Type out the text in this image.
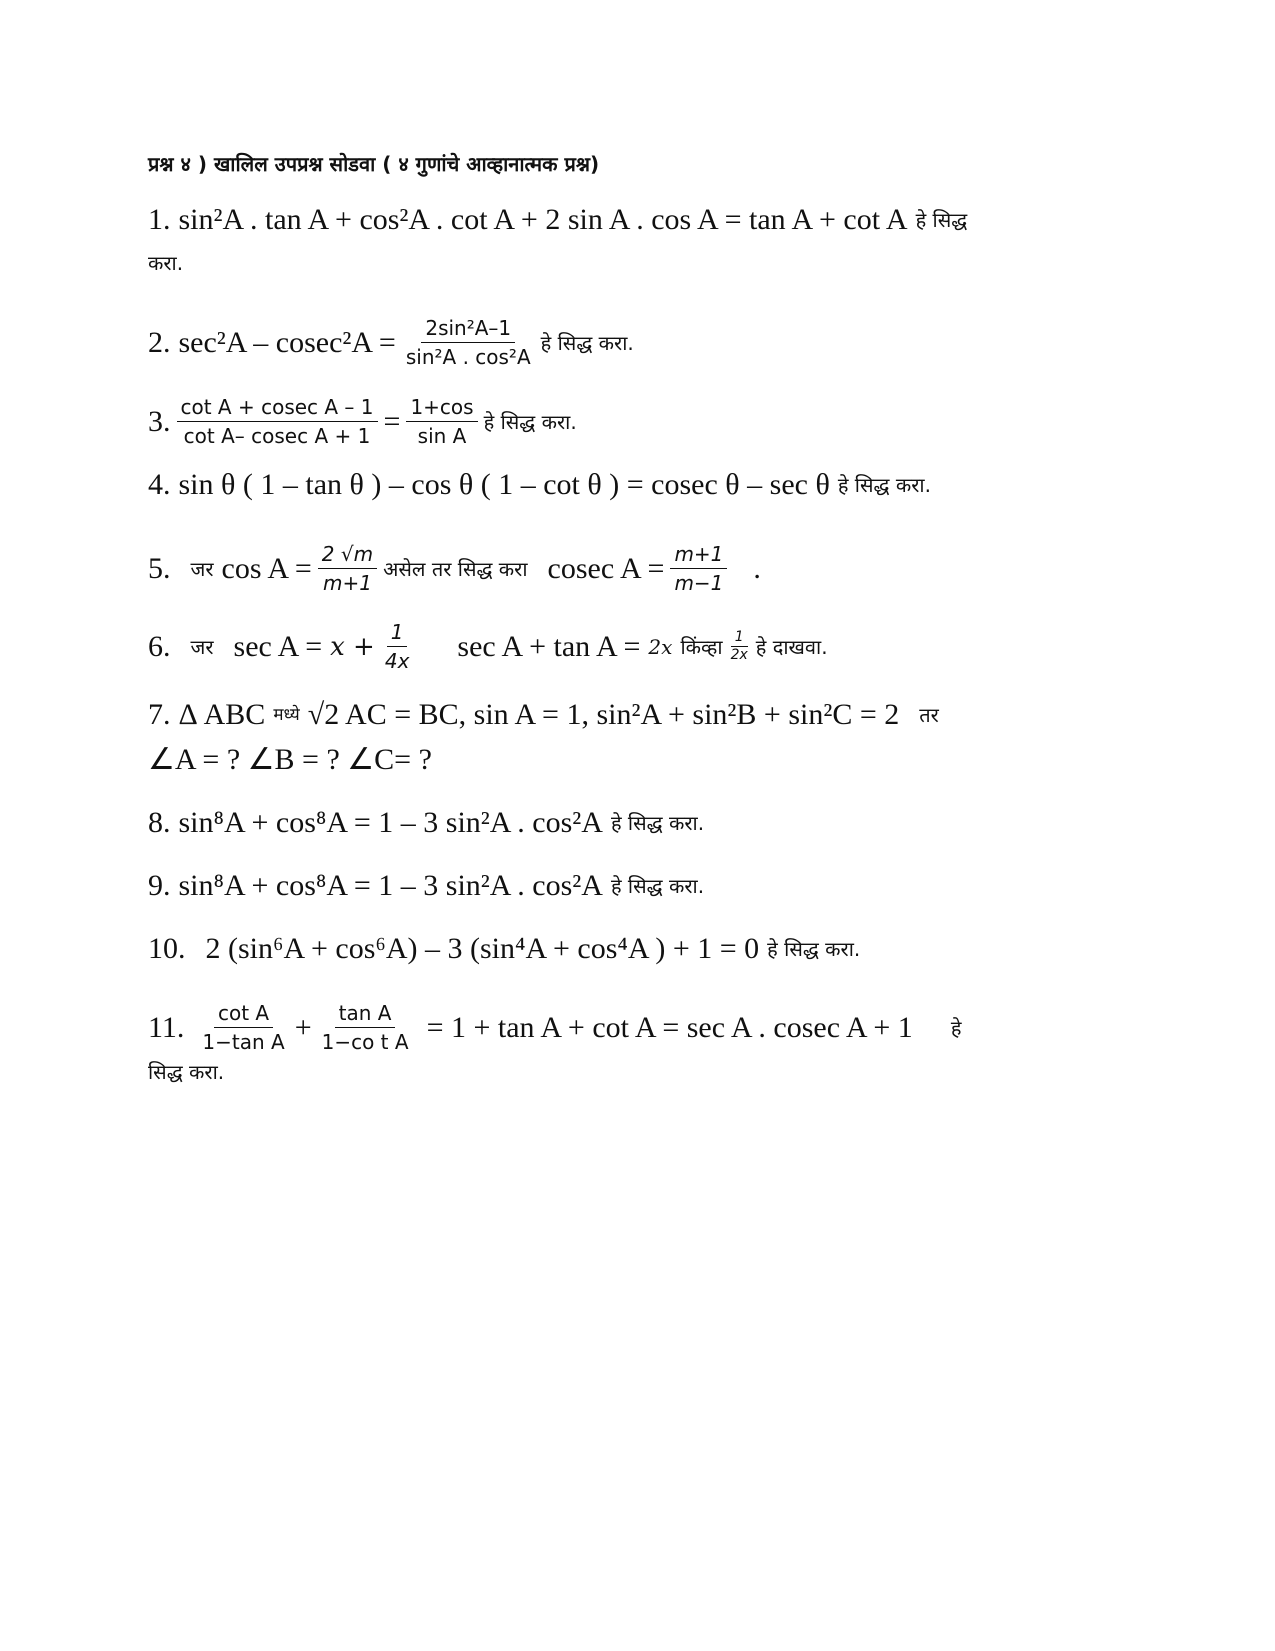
प्रश्न ४ ) खालिल उपप्रश्न सोडवा ( ४ गुणांचे आव्हानात्मक प्रश्न)
1. sin²A . tan A + cos²A . cot A + 2 sin A . cos A = tan A + cot A हे सिद्ध
करा.
2. $\sec^2A - cosec^2A = \frac{\text{2sin²A–1}}{\text{sin²A . cos²A}}$ हे सिद्ध करा.
3. $\frac{\text{cot A + cosec A – 1}}{\text{cot A– cosec A + 1}} = \frac{1+\cos}{\text{sin A}}$ हे सिद्ध करा.
4. sin θ ( 1 – tan θ ) – cos θ ( 1 – cot θ ) = cosec θ – sec θ हे सिद्ध करा.
5. जर $\cos A = \frac{2 √m}{m+1}$ असेल तर सिद्ध करा cosec $A = \frac{m+1}{m-1}$ .
6. जर $\sec A = x + \frac{1}{4x}$ sec A + tan A = 2x किंव्हा $\frac{1}{2x}$ हे दाखवा.
7. Δ ABC मध्ये √2 AC = BC, sin A = 1, sin²A + sin²B + sin²C = 2 तर
∠A = ? ∠B = ? ∠C= ?
8. sin⁸A + cos⁸A = 1 – 3 sin²A . cos²A हे सिद्ध करा.
9. sin⁸A + cos⁸A = 1 – 3 sin²A . cos²A हे सिद्ध करा.
10. 2 (sin⁶A + cos⁶A) – 3 (sin⁴A + cos⁴A ) + 1 = 0 हे सिद्ध करा.
11. $\frac{\text{cot A}}{\text{1−tan A}} + \frac{\text{tan A}}{\text{1−co t A}} = 1 + \tan A + \cot A = \sec A$ . cosec A + 1 हे
सिद्ध करा.
